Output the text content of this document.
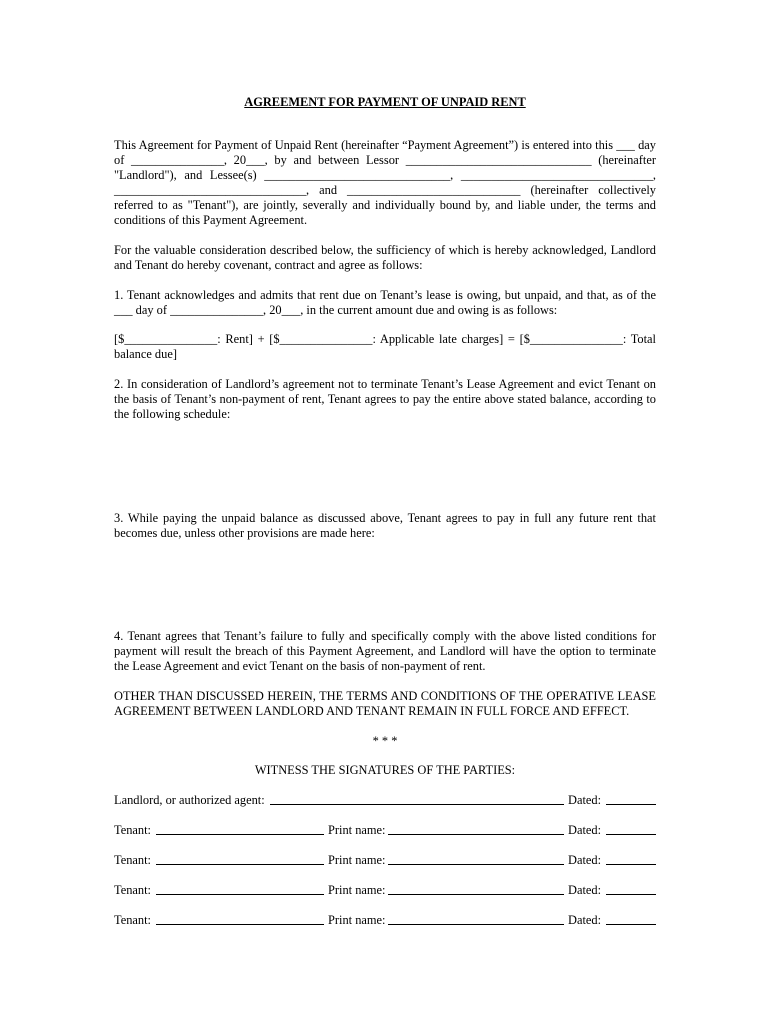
AGREEMENT FOR PAYMENT OF UNPAID RENT

This Agreement for Payment of Unpaid Rent (hereinafter “Payment Agreement”) is entered into this ___ day of _______________, 20___, by and between Lessor ______________________________ (hereinafter "Landlord"), and Lessee(s) ______________________________, _______________________________, _______________________________, and ____________________________ (hereinafter collectively referred to as "Tenant"), are jointly, severally and individually bound by, and liable under, the terms and conditions of this Payment Agreement.

For the valuable consideration described below, the sufficiency of which is hereby acknowledged, Landlord and Tenant do hereby covenant, contract and agree as follows:

1. Tenant acknowledges and admits that rent due on Tenant’s lease is owing, but unpaid, and that, as of the ___ day of _______________, 20___, in the current amount due and owing is as follows:

[$_______________: Rent] + [$_______________: Applicable late charges] = [$_______________: Total balance due]

2. In consideration of Landlord’s agreement not to terminate Tenant’s Lease Agreement and evict Tenant on the basis of Tenant’s non-payment of rent, Tenant agrees to pay the entire above stated balance, according to the following schedule:

3. While paying the unpaid balance as discussed above, Tenant agrees to pay in full any future rent that becomes due, unless other provisions are made here:

4. Tenant agrees that Tenant’s failure to fully and specifically comply with the above listed conditions for payment will result the breach of this Payment Agreement, and Landlord will have the option to terminate the Lease Agreement and evict Tenant on the basis of non-payment of rent.

OTHER THAN DISCUSSED HEREIN, THE TERMS AND CONDITIONS OF THE OPERATIVE LEASE AGREEMENT BETWEEN LANDLORD AND TENANT REMAIN IN FULL FORCE AND EFFECT.

* * *
WITNESS THE SIGNATURES OF THE PARTIES:
Landlord, or authorized agent:	Dated:
Tenant:	Print name:	Dated:
Tenant:	Print name:	Dated:
Tenant:	Print name:	Dated:
Tenant:	Print name:	Dated:
